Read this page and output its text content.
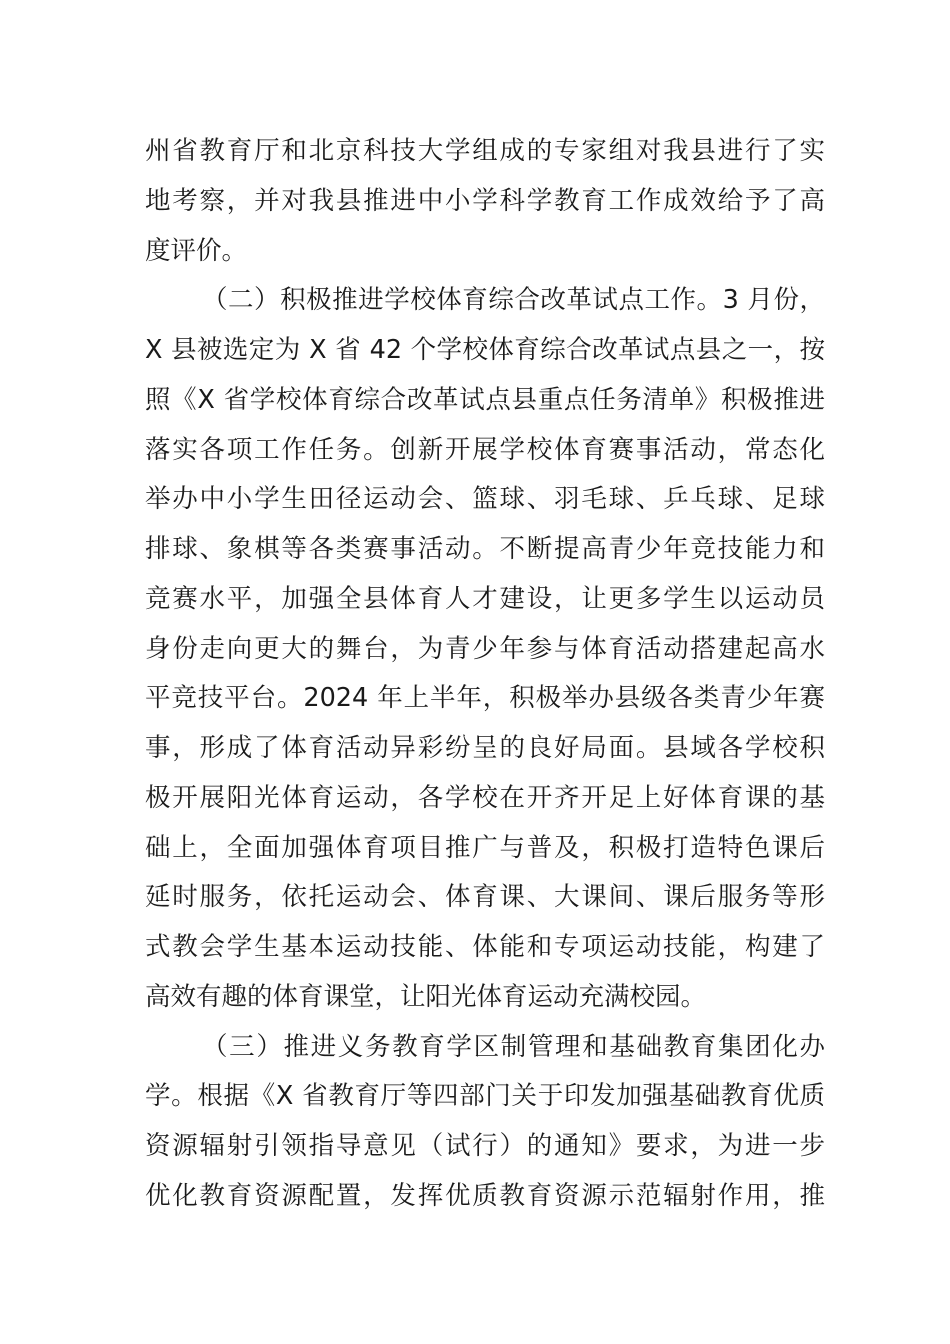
州省教育厅和北京科技大学组成的专家组对我县进行了实
地考察，并对我县推进中小学科学教育工作成效给予了高
度评价。
（二）积极推进学校体育综合改革试点工作。3 月份，
X 县被选定为 X 省 42 个学校体育综合改革试点县之一，按
照《X 省学校体育综合改革试点县重点任务清单》积极推进
落实各项工作任务。创新开展学校体育赛事活动，常态化
举办中小学生田径运动会、篮球、羽毛球、乒乓球、足球
排球、象棋等各类赛事活动。不断提高青少年竞技能力和
竞赛水平，加强全县体育人才建设，让更多学生以运动员
身份走向更大的舞台，为青少年参与体育活动搭建起高水
平竞技平台。2024 年上半年，积极举办县级各类青少年赛
事，形成了体育活动异彩纷呈的良好局面。县域各学校积
极开展阳光体育运动，各学校在开齐开足上好体育课的基
础上，全面加强体育项目推广与普及，积极打造特色课后
延时服务，依托运动会、体育课、大课间、课后服务等形
式教会学生基本运动技能、体能和专项运动技能，构建了
高效有趣的体育课堂，让阳光体育运动充满校园。
（三）推进义务教育学区制管理和基础教育集团化办
学。根据《X 省教育厅等四部门关于印发加强基础教育优质
资源辐射引领指导意见（试行）的通知》要求，为进一步
优化教育资源配置，发挥优质教育资源示范辐射作用，推
